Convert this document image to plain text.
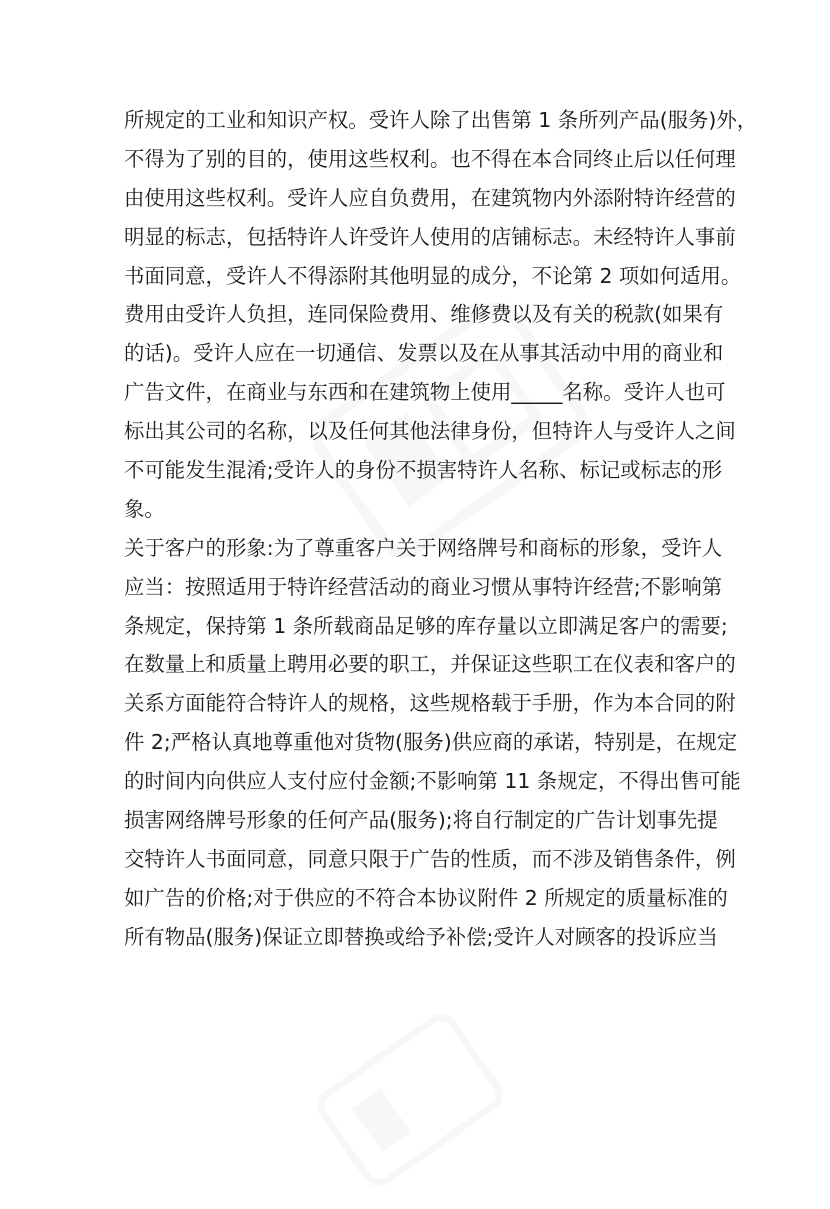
所规定的工业和知识产权。受许人除了出售第 1 条所列产品(服务)外，
不得为了别的目的，使用这些权利。也不得在本合同终止后以任何理
由使用这些权利。受许人应自负费用，在建筑物内外添附特许经营的
明显的标志，包括特许人许受许人使用的店铺标志。未经特许人事前
书面同意，受许人不得添附其他明显的成分，不论第 2 项如何适用。
费用由受许人负担，连同保险费用、维修费以及有关的税款(如果有
的话)。受许人应在一切通信、发票以及在从事其活动中用的商业和
广告文件，在商业与东西和在建筑物上使用_____名称。受许人也可
标出其公司的名称，以及任何其他法律身份，但特许人与受许人之间
不可能发生混淆;受许人的身份不损害特许人名称、标记或标志的形
象。
关于客户的形象:为了尊重客户关于网络牌号和商标的形象，受许人
应当：按照适用于特许经营活动的商业习惯从事特许经营;不影响第
条规定，保持第 1 条所载商品足够的库存量以立即满足客户的需要;
在数量上和质量上聘用必要的职工，并保证这些职工在仪表和客户的
关系方面能符合特许人的规格，这些规格载于手册，作为本合同的附
件 2;严格认真地尊重他对货物(服务)供应商的承诺，特别是，在规定
的时间内向供应人支付应付金额;不影响第 11 条规定，不得出售可能
损害网络牌号形象的任何产品(服务);将自行制定的广告计划事先提
交特许人书面同意，同意只限于广告的性质，而不涉及销售条件，例
如广告的价格;对于供应的不符合本协议附件 2 所规定的质量标准的
所有物品(服务)保证立即替换或给予补偿;受许人对顾客的投诉应当
